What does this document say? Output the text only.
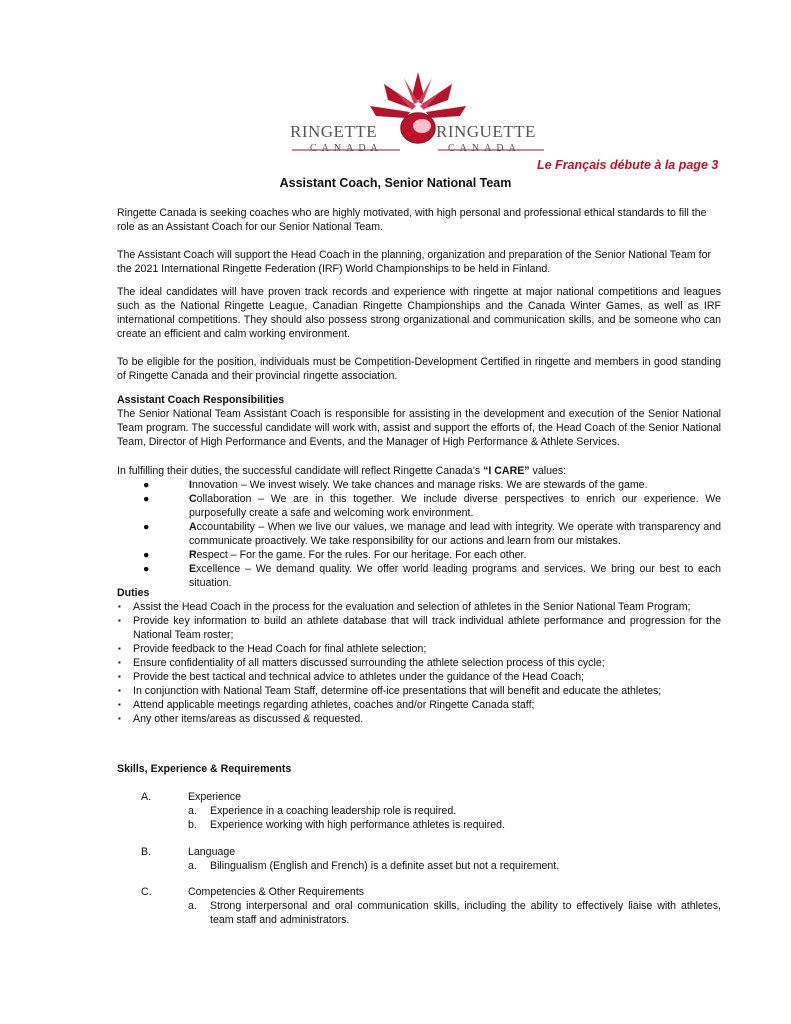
RINGETTE	RINGUETTE
CANADA	CANADA
Le Français débute à la page 3
Assistant Coach, Senior National Team
Ringette Canada is seeking coaches who are highly motivated, with high personal and professional ethical standards to fill the role as an Assistant Coach for our Senior National Team.
The Assistant Coach will support the Head Coach in the planning, organization and preparation of the Senior National Team for the 2021 International Ringette Federation (IRF) World Championships to be held in Finland.
The ideal candidates will have proven track records and experience with ringette at major national competitions and leagues such as the National Ringette League, Canadian Ringette Championships and the Canada Winter Games, as well as IRF international competitions. They should also possess strong organizational and communication skills, and be someone who can create an efficient and calm working environment.
To be eligible for the position, individuals must be Competition-Development Certified in ringette and members in good standing of Ringette Canada and their provincial ringette association.
Assistant Coach Responsibilities
The Senior National Team Assistant Coach is responsible for assisting in the development and execution of the Senior National Team program. The successful candidate will work with, assist and support the efforts of, the Head Coach of the Senior National Team, Director of High Performance and Events, and the Manager of High Performance & Athlete Services.
In fulfilling their duties, the successful candidate will reflect Ringette Canada’s “I CARE” values:
●	Innovation – We invest wisely. We take chances and manage risks. We are stewards of the game.
●	Collaboration – We are in this together. We include diverse perspectives to enrich our experience. We purposefully create a safe and welcoming work environment.
●	Accountability – When we live our values, we manage and lead with integrity. We operate with transparency and communicate proactively. We take responsibility for our actions and learn from our mistakes.
●	Respect – For the game. For the rules. For our heritage. For each other.
●	Excellence – We demand quality. We offer world leading programs and services. We bring our best to each situation.
Duties
▪ Assist the Head Coach in the process for the evaluation and selection of athletes in the Senior National Team Program;
▪ Provide key information to build an athlete database that will track individual athlete performance and progression for the National Team roster;
▪ Provide feedback to the Head Coach for final athlete selection;
▪ Ensure confidentiality of all matters discussed surrounding the athlete selection process of this cycle;
▪ Provide the best tactical and technical advice to athletes under the guidance of the Head Coach;
▪ In conjunction with National Team Staff, determine off-ice presentations that will benefit and educate the athletes;
▪ Attend applicable meetings regarding athletes, coaches and/or Ringette Canada staff;
▪ Any other items/areas as discussed & requested.
Skills, Experience & Requirements
A.	Experience
a. Experience in a coaching leadership role is required.
b. Experience working with high performance athletes is required.
B.	Language
a. Bilingualism (English and French) is a definite asset but not a requirement.
C.	Competencies & Other Requirements
a. Strong interpersonal and oral communication skills, including the ability to effectively liaise with athletes, team staff and administrators.
